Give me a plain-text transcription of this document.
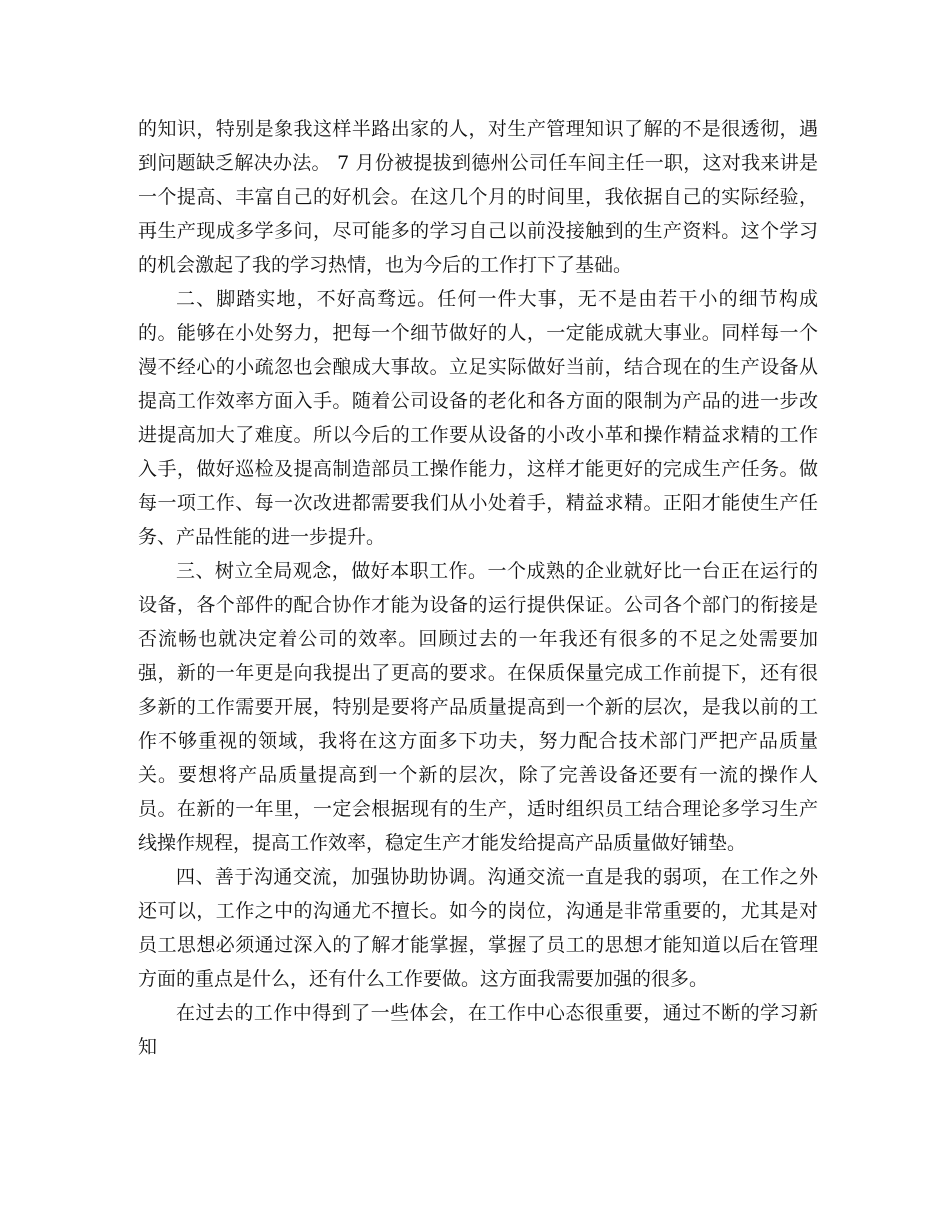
的知识，特别是象我这样半路出家的人，对生产管理知识了解的不是很透彻，遇到问题缺乏解决办法。 7 月份被提拔到德州公司任车间主任一职，这对我来讲是一个提高、丰富自己的好机会。在这几个月的时间里，我依据自己的实际经验，再生产现成多学多问，尽可能多的学习自己以前没接触到的生产资料。这个学习的机会激起了我的学习热情，也为今后的工作打下了基础。

二、脚踏实地，不好高骛远。任何一件大事，无不是由若干小的细节构成的。能够在小处努力，把每一个细节做好的人，一定能成就大事业。同样每一个漫不经心的小疏忽也会酿成大事故。立足实际做好当前，结合现在的生产设备从提高工作效率方面入手。随着公司设备的老化和各方面的限制为产品的进一步改进提高加大了难度。所以今后的工作要从设备的小改小革和操作精益求精的工作入手，做好巡检及提高制造部员工操作能力，这样才能更好的完成生产任务。做每一项工作、每一次改进都需要我们从小处着手，精益求精。正阳才能使生产任务、产品性能的进一步提升。

三、树立全局观念，做好本职工作。一个成熟的企业就好比一台正在运行的设备，各个部件的配合协作才能为设备的运行提供保证。公司各个部门的衔接是否流畅也就决定着公司的效率。回顾过去的一年我还有很多的不足之处需要加强，新的一年更是向我提出了更高的要求。在保质保量完成工作前提下，还有很多新的工作需要开展，特别是要将产品质量提高到一个新的层次，是我以前的工作不够重视的领域，我将在这方面多下功夫，努力配合技术部门严把产品质量关。要想将产品质量提高到一个新的层次，除了完善设备还要有一流的操作人员。在新的一年里，一定会根据现有的生产，适时组织员工结合理论多学习生产线操作规程，提高工作效率，稳定生产才能发给提高产品质量做好铺垫。

四、善于沟通交流，加强协助协调。沟通交流一直是我的弱项，在工作之外还可以，工作之中的沟通尤不擅长。如今的岗位，沟通是非常重要的，尤其是对员工思想必须通过深入的了解才能掌握，掌握了员工的思想才能知道以后在管理方面的重点是什么，还有什么工作要做。这方面我需要加强的很多。

在过去的工作中得到了一些体会，在工作中心态很重要，通过不断的学习新知
